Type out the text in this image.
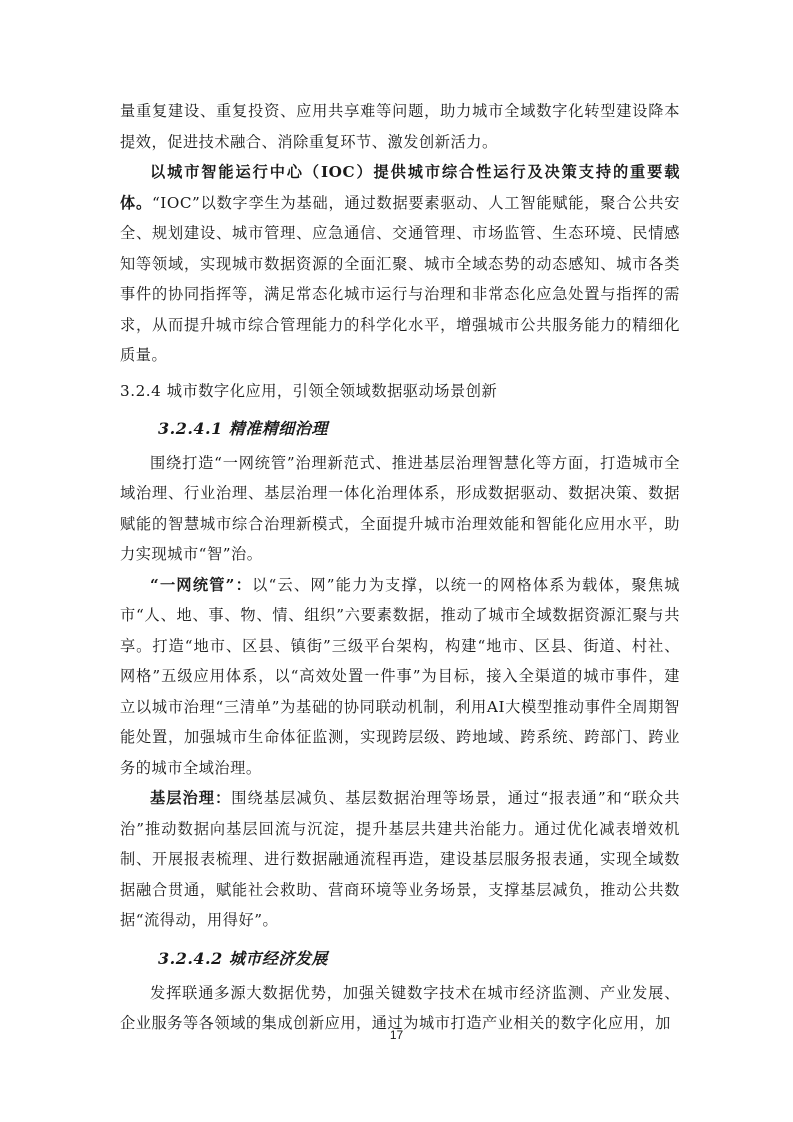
量重复建设、重复投资、应用共享难等问题，助力城市全域数字化转型建设降本提效，促进技术融合、消除重复环节、激发创新活力。

以城市智能运行中心（IOC）提供城市综合性运行及决策支持的重要载体。“IOC”以数字孪生为基础，通过数据要素驱动、人工智能赋能，聚合公共安全、规划建设、城市管理、应急通信、交通管理、市场监管、生态环境、民情感知等领域，实现城市数据资源的全面汇聚、城市全域态势的动态感知、城市各类事件的协同指挥等，满足常态化城市运行与治理和非常态化应急处置与指挥的需求，从而提升城市综合管理能力的科学化水平，增强城市公共服务能力的精细化质量。

3.2.4 城市数字化应用，引领全领域数据驱动场景创新

3.2.4.1 精准精细治理

围绕打造“一网统管”治理新范式、推进基层治理智慧化等方面，打造城市全域治理、行业治理、基层治理一体化治理体系，形成数据驱动、数据决策、数据赋能的智慧城市综合治理新模式，全面提升城市治理效能和智能化应用水平，助力实现城市“智”治。

“一网统管”：以“云、网”能力为支撑，以统一的网格体系为载体，聚焦城市“人、地、事、物、情、组织”六要素数据，推动了城市全域数据资源汇聚与共享。打造“地市、区县、镇街”三级平台架构，构建“地市、区县、街道、村社、网格”五级应用体系，以“高效处置一件事”为目标，接入全渠道的城市事件，建立以城市治理“三清单”为基础的协同联动机制，利用AI大模型推动事件全周期智能处置，加强城市生命体征监测，实现跨层级、跨地域、跨系统、跨部门、跨业务的城市全域治理。

基层治理：围绕基层减负、基层数据治理等场景，通过“报表通”和“联众共治”推动数据向基层回流与沉淀，提升基层共建共治能力。通过优化减表增效机制、开展报表梳理、进行数据融通流程再造，建设基层服务报表通，实现全域数据融合贯通，赋能社会救助、营商环境等业务场景，支撑基层减负，推动公共数据“流得动，用得好”。

3.2.4.2 城市经济发展

发挥联通多源大数据优势，加强关键数字技术在城市经济监测、产业发展、企业服务等各领域的集成创新应用，通过为城市打造产业相关的数字化应用，加

17
